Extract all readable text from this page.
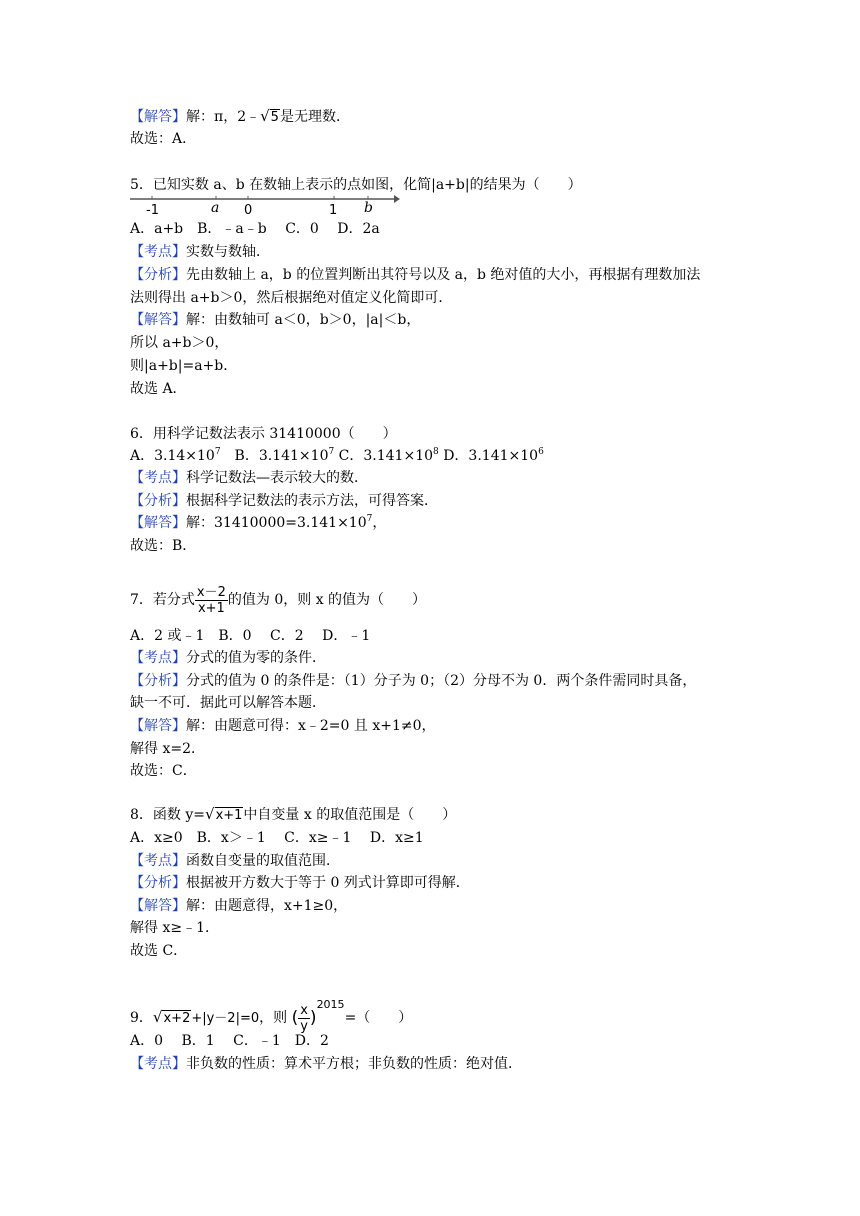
【解答】解：π，2﹣√5是无理数．
故选：A．
5．已知实数 a、b 在数轴上表示的点如图，化简|a+b|的结果为（　　）
-1	a 0	1 b
A．a+b　B．﹣a﹣b　 C．0　 D．2a
【考点】实数与数轴．
【分析】先由数轴上 a，b 的位置判断出其符号以及 a，b 绝对值的大小，再根据有理数加法
法则得出 a+b＞0，然后根据绝对值定义化简即可．
【解答】解：由数轴可 a＜0，b＞0，|a|＜b，
所以 a+b＞0，
则|a+b|=a+b．
故选 A．
6．用科学记数法表示 31410000（　　）
A．$3.14\times 10^7$　B．$3.141\times 10^7$ C．$3.141\times 10^8$ D．$3.141\times 10^6$
【考点】科学记数法—表示较大的数．
【分析】根据科学记数法的表示方法，可得答案．
【解答】解：$31410000=3.141\times 10^7$，
故选：B．
7．若分式 $\frac{x-2}{x+1}$ 的值为 0，则 x 的值为（　　）
A．2 或﹣1　B．0　 C．2　 D．﹣1
【考点】分式的值为零的条件．
【分析】分式的值为 0 的条件是：（1）分子为 0；（2）分母不为 0．两个条件需同时具备，
缺一不可．据此可以解答本题．
【解答】解：由题意可得：x﹣2=0 且 x+1≠0，
解得 x=2．
故选：C．
8．函数 y=√x+1中自变量 x 的取值范围是（　　）
A．x≥0　B．x＞﹣1　 C．x≥﹣1　 D．x≥1
【考点】函数自变量的取值范围．
【分析】根据被开方数大于等于 0 列式计算即可得解．
【解答】解：由题意得，x+1≥0，
解得 x≥﹣1．
故选 C．
9．√x+2+|y－2|=0，则 ( $\frac{x}{y} )^{2015}=$（　　）
A．0　 B．1　 C．﹣1　D．2
【考点】非负数的性质：算术平方根；非负数的性质：绝对值．
